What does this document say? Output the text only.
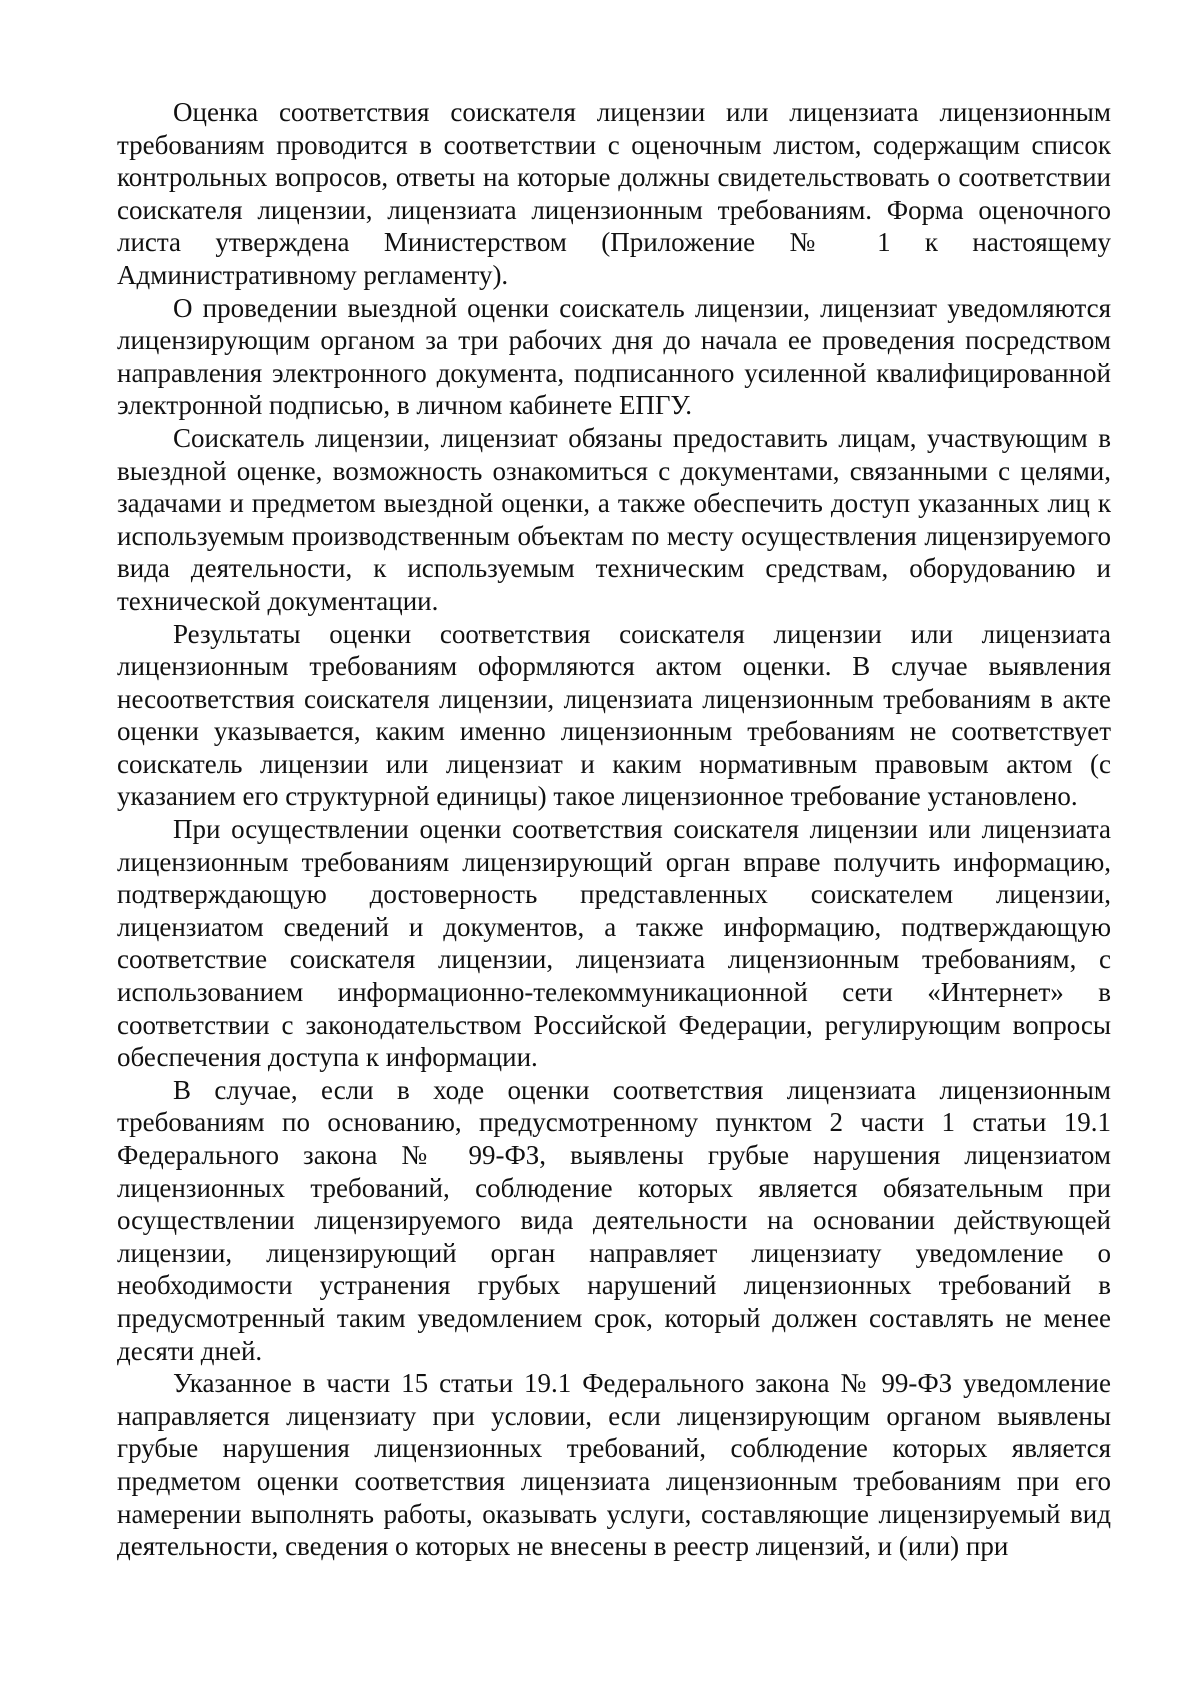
Оценка соответствия соискателя лицензии или лицензиата лицензионным требованиям проводится в соответствии с оценочным листом, содержащим список контрольных вопросов, ответы на которые должны свидетельствовать о соответствии соискателя лицензии, лицензиата лицензионным требованиям. Форма оценочного листа утверждена Министерством (Приложение № 1 к настоящему Административному регламенту).

О проведении выездной оценки соискатель лицензии, лицензиат уведомляются лицензирующим органом за три рабочих дня до начала ее проведения посредством направления электронного документа, подписанного усиленной квалифицированной электронной подписью, в личном кабинете ЕПГУ.

Соискатель лицензии, лицензиат обязаны предоставить лицам, участвующим в выездной оценке, возможность ознакомиться с документами, связанными с целями, задачами и предметом выездной оценки, а также обеспечить доступ указанных лиц к используемым производственным объектам по месту осуществления лицензируемого вида деятельности, к используемым техническим средствам, оборудованию и технической документации.

Результаты оценки соответствия соискателя лицензии или лицензиата лицензионным требованиям оформляются актом оценки. В случае выявления несоответствия соискателя лицензии, лицензиата лицензионным требованиям в акте оценки указывается, каким именно лицензионным требованиям не соответствует соискатель лицензии или лицензиат и каким нормативным правовым актом (с указанием его структурной единицы) такое лицензионное требование установлено.

При осуществлении оценки соответствия соискателя лицензии или лицензиата лицензионным требованиям лицензирующий орган вправе получить информацию, подтверждающую достоверность представленных соискателем лицензии, лицензиатом сведений и документов, а также информацию, подтверждающую соответствие соискателя лицензии, лицензиата лицензионным требованиям, с использованием информационно-телекоммуникационной сети «Интернет» в соответствии с законодательством Российской Федерации, регулирующим вопросы обеспечения доступа к информации.

В случае, если в ходе оценки соответствия лицензиата лицензионным требованиям по основанию, предусмотренному пунктом 2 части 1 статьи 19.1 Федерального закона № 99-ФЗ, выявлены грубые нарушения лицензиатом лицензионных требований, соблюдение которых является обязательным при осуществлении лицензируемого вида деятельности на основании действующей лицензии, лицензирующий орган направляет лицензиату уведомление о необходимости устранения грубых нарушений лицензионных требований в предусмотренный таким уведомлением срок, который должен составлять не менее десяти дней.

Указанное в части 15 статьи 19.1 Федерального закона № 99-ФЗ уведомление направляется лицензиату при условии, если лицензирующим органом выявлены грубые нарушения лицензионных требований, соблюдение которых является предметом оценки соответствия лицензиата лицензионным требованиям при его намерении выполнять работы, оказывать услуги, составляющие лицензируемый вид деятельности, сведения о которых не внесены в реестр лицензий, и (или) при
